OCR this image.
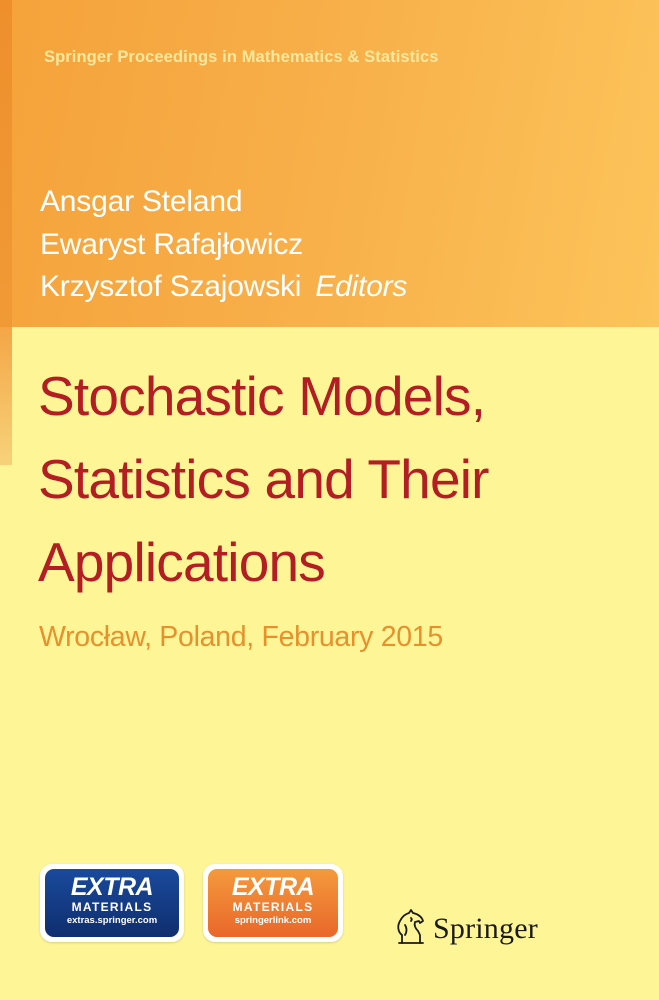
Springer Proceedings in Mathematics & Statistics
Ansgar Steland
Ewaryst Rafajłowicz
Krzysztof Szajowski Editors
Stochastic Models,
Statistics and Their
Applications
Wrocław, Poland, February 2015
EXTRA
MATERIALS
extras.springer.com
EXTRA
MATERIALS
springerlink.com	Springer
